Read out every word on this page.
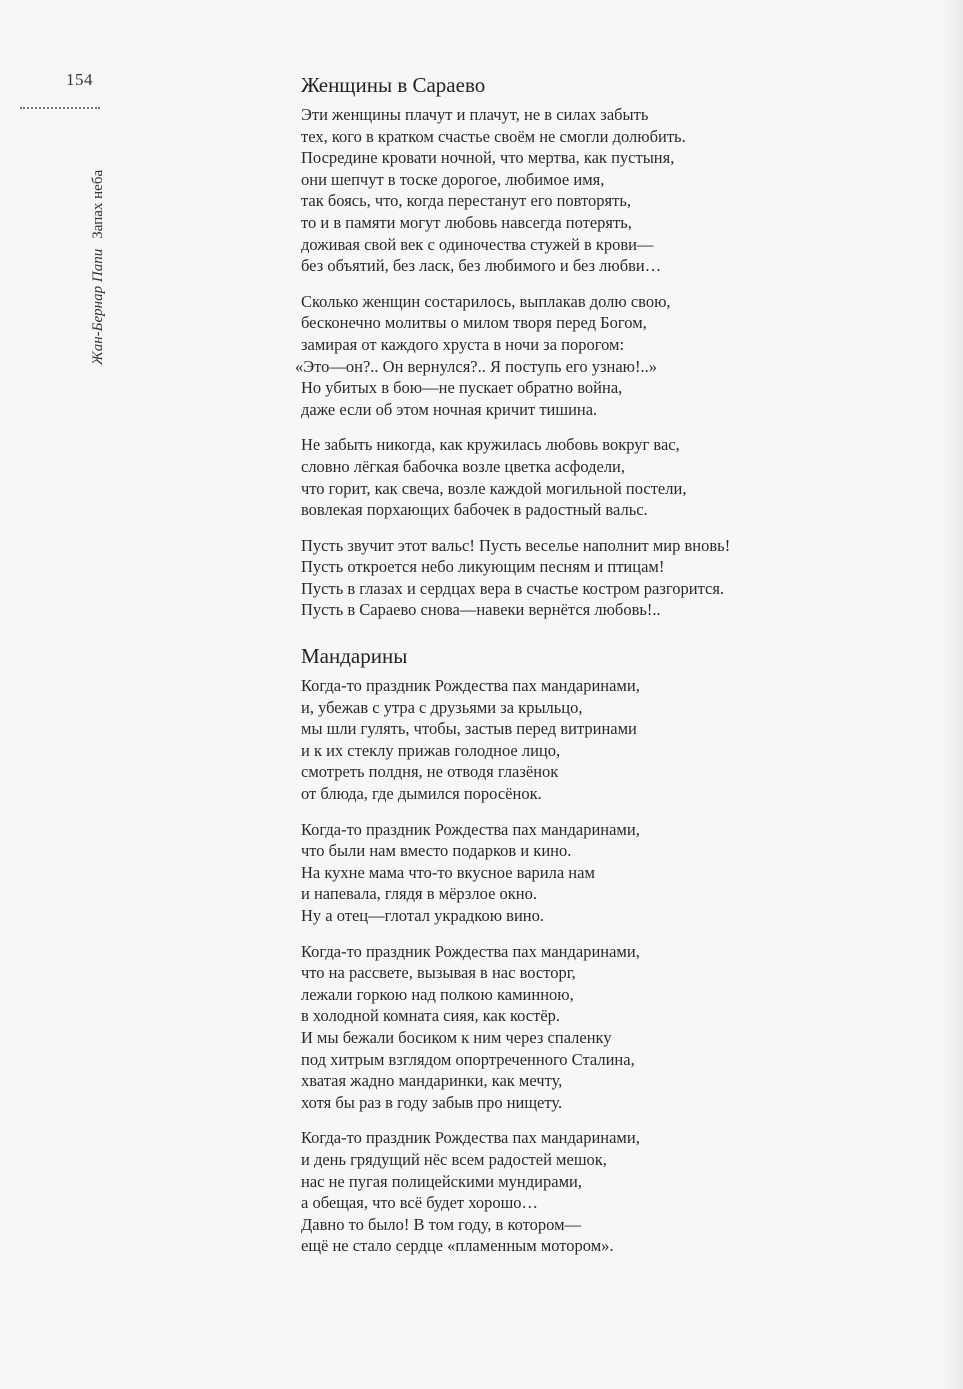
154
Жан-Бернар ПапиЗапах неба
Женщины в Сараево
Эти женщины плачут и плачут, не в силах забыть
тех, кого в кратком счастье своём не смогли долюбить.
Посредине кровати ночной, что мертва, как пустыня,
они шепчут в тоске дорогое, любимое имя,
так боясь, что, когда перестанут его повторять,
то и в памяти могут любовь навсегда потерять,
доживая свой век с одиночества стужей в крови—
без объятий, без ласк, без любимого и без любви…
Сколько женщин состарилось, выплакав долю свою,
бесконечно молитвы о милом творя перед Богом,
замирая от каждого хруста в ночи за порогом:
«Это—он?.. Он вернулся?.. Я поступь его узнаю!..»
Но убитых в бою—не пускает обратно война,
даже если об этом ночная кричит тишина.
Не забыть никогда, как кружилась любовь вокруг вас,
словно лёгкая бабочка возле цветка асфодели,
что горит, как свеча, возле каждой могильной постели,
вовлекая порхающих бабочек в радостный вальс.
Пусть звучит этот вальс! Пусть веселье наполнит мир вновь!
Пусть откроется небо ликующим песням и птицам!
Пусть в глазах и сердцах вера в счастье костром разгорится.
Пусть в Сараево снова—навеки вернётся любовь!..
Мандарины
Когда-то праздник Рождества пах мандаринами,
и, убежав с утра с друзьями за крыльцо,
мы шли гулять, чтобы, застыв перед витринами
и к их стеклу прижав голодное лицо,
смотреть полдня, не отводя глазёнок
от блюда, где дымился поросёнок.
Когда-то праздник Рождества пах мандаринами,
что были нам вместо подарков и кино.
На кухне мама что-то вкусное варила нам
и напевала, глядя в мёрзлое окно.
Ну а отец—глотал украдкою вино.
Когда-то праздник Рождества пах мандаринами,
что на рассвете, вызывая в нас восторг,
лежали горкою над полкою каминною,
в холодной комната сияя, как костёр.
И мы бежали босиком к ним через спаленку
под хитрым взглядом опортреченного Сталина,
хватая жадно мандаринки, как мечту,
хотя бы раз в году забыв про нищету.
Когда-то праздник Рождества пах мандаринами,
и день грядущий нёс всем радостей мешок,
нас не пугая полицейскими мундирами,
а обещая, что всё будет хорошо…
Давно то было! В том году, в котором—
ещё не стало сердце «пламенным мотором».
